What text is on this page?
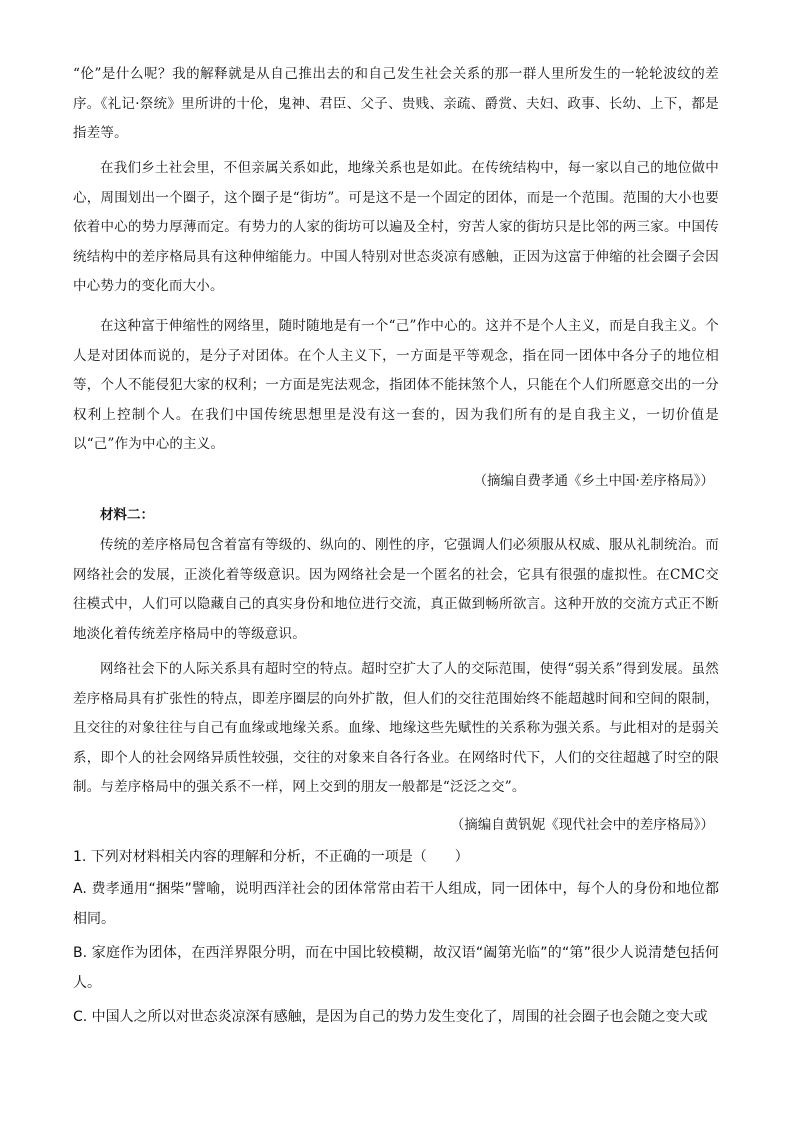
“伦”是什么呢？我的解释就是从自己推出去的和自己发生社会关系的那一群人里所发生的一轮轮波纹的差序。《礼记·祭统》里所讲的十伦，鬼神、君臣、父子、贵贱、亲疏、爵赏、夫妇、政事、长幼、上下，都是指差等。
在我们乡土社会里，不但亲属关系如此，地缘关系也是如此。在传统结构中，每一家以自己的地位做中心，周围划出一个圈子，这个圈子是“街坊”。可是这不是一个固定的团体，而是一个范围。范围的大小也要依着中心的势力厚薄而定。有势力的人家的街坊可以遍及全村，穷苦人家的街坊只是比邻的两三家。中国传统结构中的差序格局具有这种伸缩能力。中国人特别对世态炎凉有感触，正因为这富于伸缩的社会圈子会因中心势力的变化而大小。
在这种富于伸缩性的网络里，随时随地是有一个“己”作中心的。这并不是个人主义，而是自我主义。个人是对团体而说的，是分子对团体。在个人主义下，一方面是平等观念，指在同一团体中各分子的地位相等，个人不能侵犯大家的权利；一方面是宪法观念，指团体不能抹煞个人，只能在个人们所愿意交出的一分权利上控制个人。在我们中国传统思想里是没有这一套的，因为我们所有的是自我主义，一切价值是以“己”作为中心的主义。
（摘编自费孝通《乡土中国·差序格局》）
材料二：
传统的差序格局包含着富有等级的、纵向的、刚性的序，它强调人们必须服从权威、服从礼制统治。而网络社会的发展，正淡化着等级意识。因为网络社会是一个匿名的社会，它具有很强的虚拟性。在CMC交往模式中，人们可以隐藏自己的真实身份和地位进行交流，真正做到畅所欲言。这种开放的交流方式正不断地淡化着传统差序格局中的等级意识。
网络社会下的人际关系具有超时空的特点。超时空扩大了人的交际范围，使得“弱关系”得到发展。虽然差序格局具有扩张性的特点，即差序圈层的向外扩散，但人们的交往范围始终不能超越时间和空间的限制，且交往的对象往往与自己有血缘或地缘关系。血缘、地缘这些先赋性的关系称为强关系。与此相对的是弱关系，即个人的社会网络异质性较强，交往的对象来自各行各业。在网络时代下，人们的交往超越了时空的限制。与差序格局中的强关系不一样，网上交到的朋友一般都是“泛泛之交”。
（摘编自黄钒妮《现代社会中的差序格局》）
1. 下列对材料相关内容的理解和分析，不正确的一项是（　　）
A. 费孝通用“捆柴”譬喻，说明西洋社会的团体常常由若干人组成，同一团体中，每个人的身份和地位都相同。
B. 家庭作为团体，在西洋界限分明，而在中国比较模糊，故汉语“阖第光临”的“第”很少人说清楚包括何人。
C. 中国人之所以对世态炎凉深有感触，是因为自己的势力发生变化了，周围的社会圈子也会随之变大或
